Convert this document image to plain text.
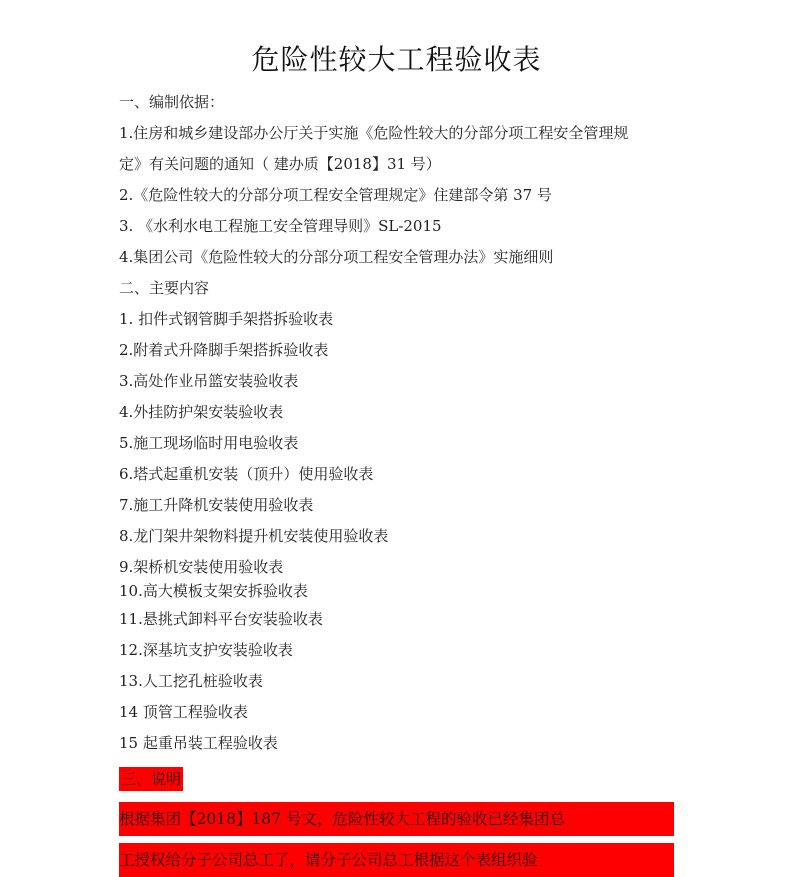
危险性较大工程验收表
一、编制依据：
1.住房和城乡建设部办公厅关于实施《危险性较大的分部分项工程安全管理规
定》有关问题的通知（ 建办质【2018】31 号）
2.《危险性较大的分部分项工程安全管理规定》住建部令第 37 号
3. 《水利水电工程施工安全管理导则》SL-2015
4.集团公司《危险性较大的分部分项工程安全管理办法》实施细则
二、主要内容
1. 扣件式钢管脚手架搭拆验收表
2.附着式升降脚手架搭拆验收表
3.高处作业吊篮安装验收表
4.外挂防护架安装验收表
5.施工现场临时用电验收表
6.塔式起重机安装（顶升）使用验收表
7.施工升降机安装使用验收表
8.龙门架井架物料提升机安装使用验收表
9.架桥机安装使用验收表
10.高大模板支架安拆验收表
11.悬挑式卸料平台安装验收表
12.深基坑支护安装验收表
13.人工挖孔桩验收表
14 顶管工程验收表
15 起重吊装工程验收表
三、说明
根据集团【2018】187 号文，危险性较大工程的验收已经集团总
工授权给分子公司总工了，请分子公司总工根据这个表组织验
